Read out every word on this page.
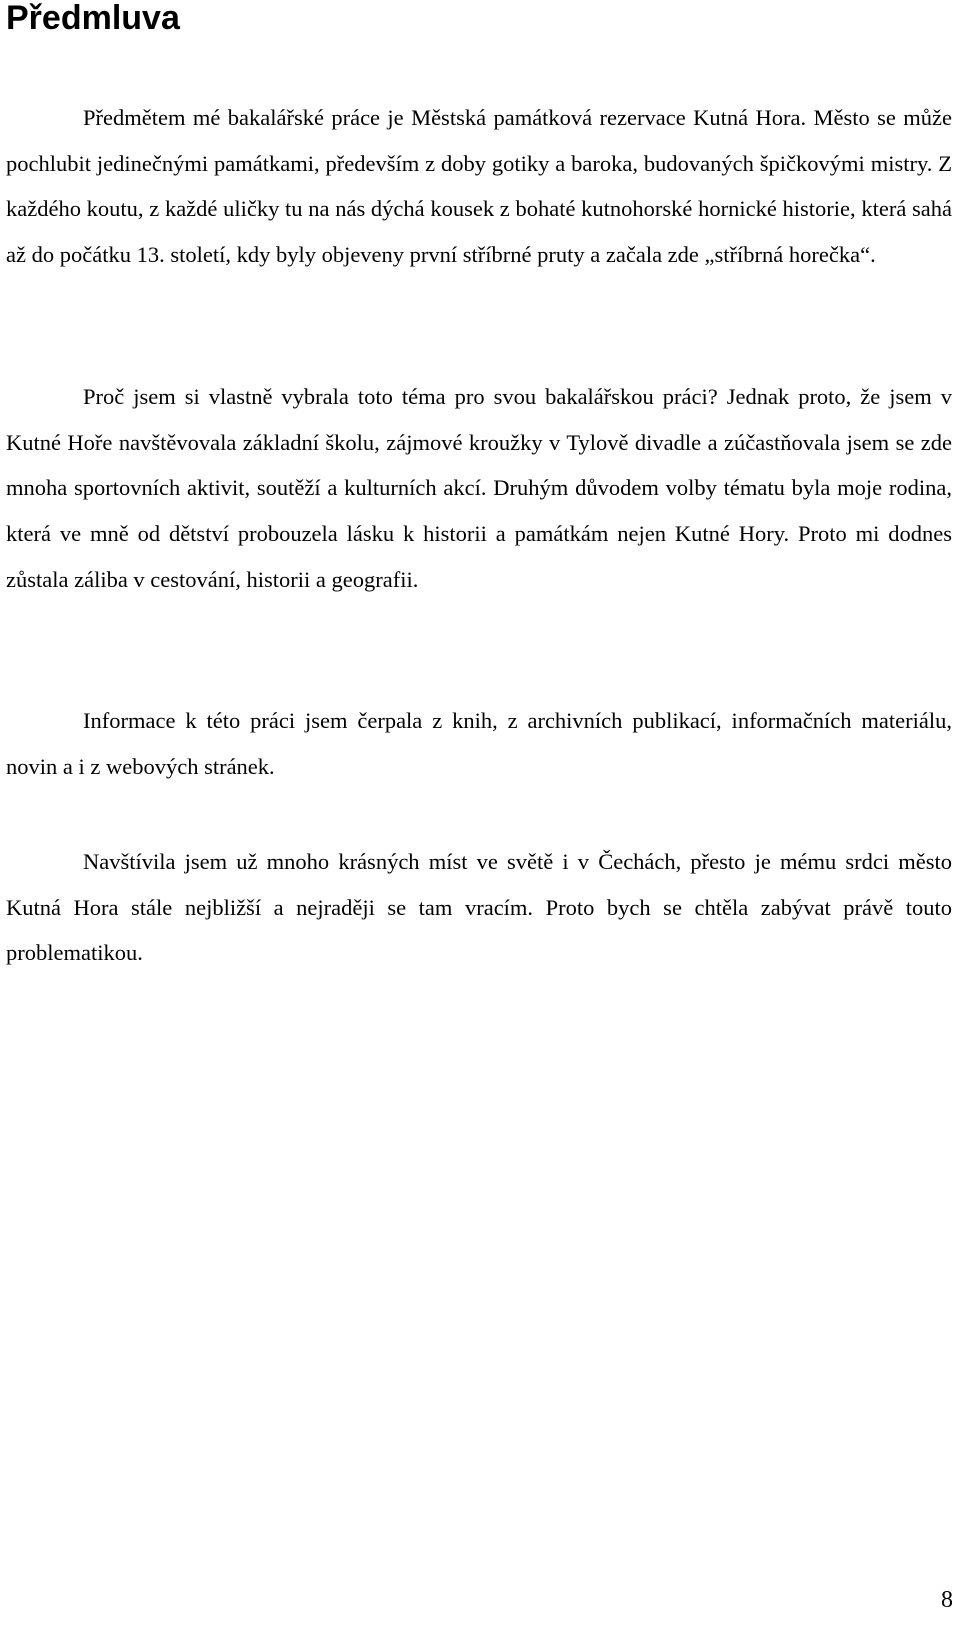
Předmluva

Předmětem mé bakalářské práce je Městská památková rezervace Kutná Hora. Město se může pochlubit jedinečnými památkami, především z doby gotiky a baroka, budovaných špičkovými mistry. Z každého koutu, z každé uličky tu na nás dýchá kousek z bohaté kutnohorské hornické historie, která sahá až do počátku 13. století, kdy byly objeveny první stříbrné pruty a začala zde „stříbrná horečka“.

Proč jsem si vlastně vybrala toto téma pro svou bakalářskou práci? Jednak proto, že jsem v Kutné Hoře navštěvovala základní školu, zájmové kroužky v Tylově divadle a zúčastňovala jsem se zde mnoha sportovních aktivit, soutěží a kulturních akcí. Druhým důvodem volby tématu byla moje rodina, která ve mně od dětství probouzela lásku k historii a památkám nejen Kutné Hory. Proto mi dodnes zůstala záliba v cestování, historii a geografii.

Informace k této práci jsem čerpala z knih, z archivních publikací, informačních materiálu, novin a i z webových stránek.

Navštívila jsem už mnoho krásných míst ve světě i v Čechách, přesto je mému srdci město Kutná Hora stále nejbližší a nejraději se tam vracím. Proto bych se chtěla zabývat právě touto problematikou.

8
